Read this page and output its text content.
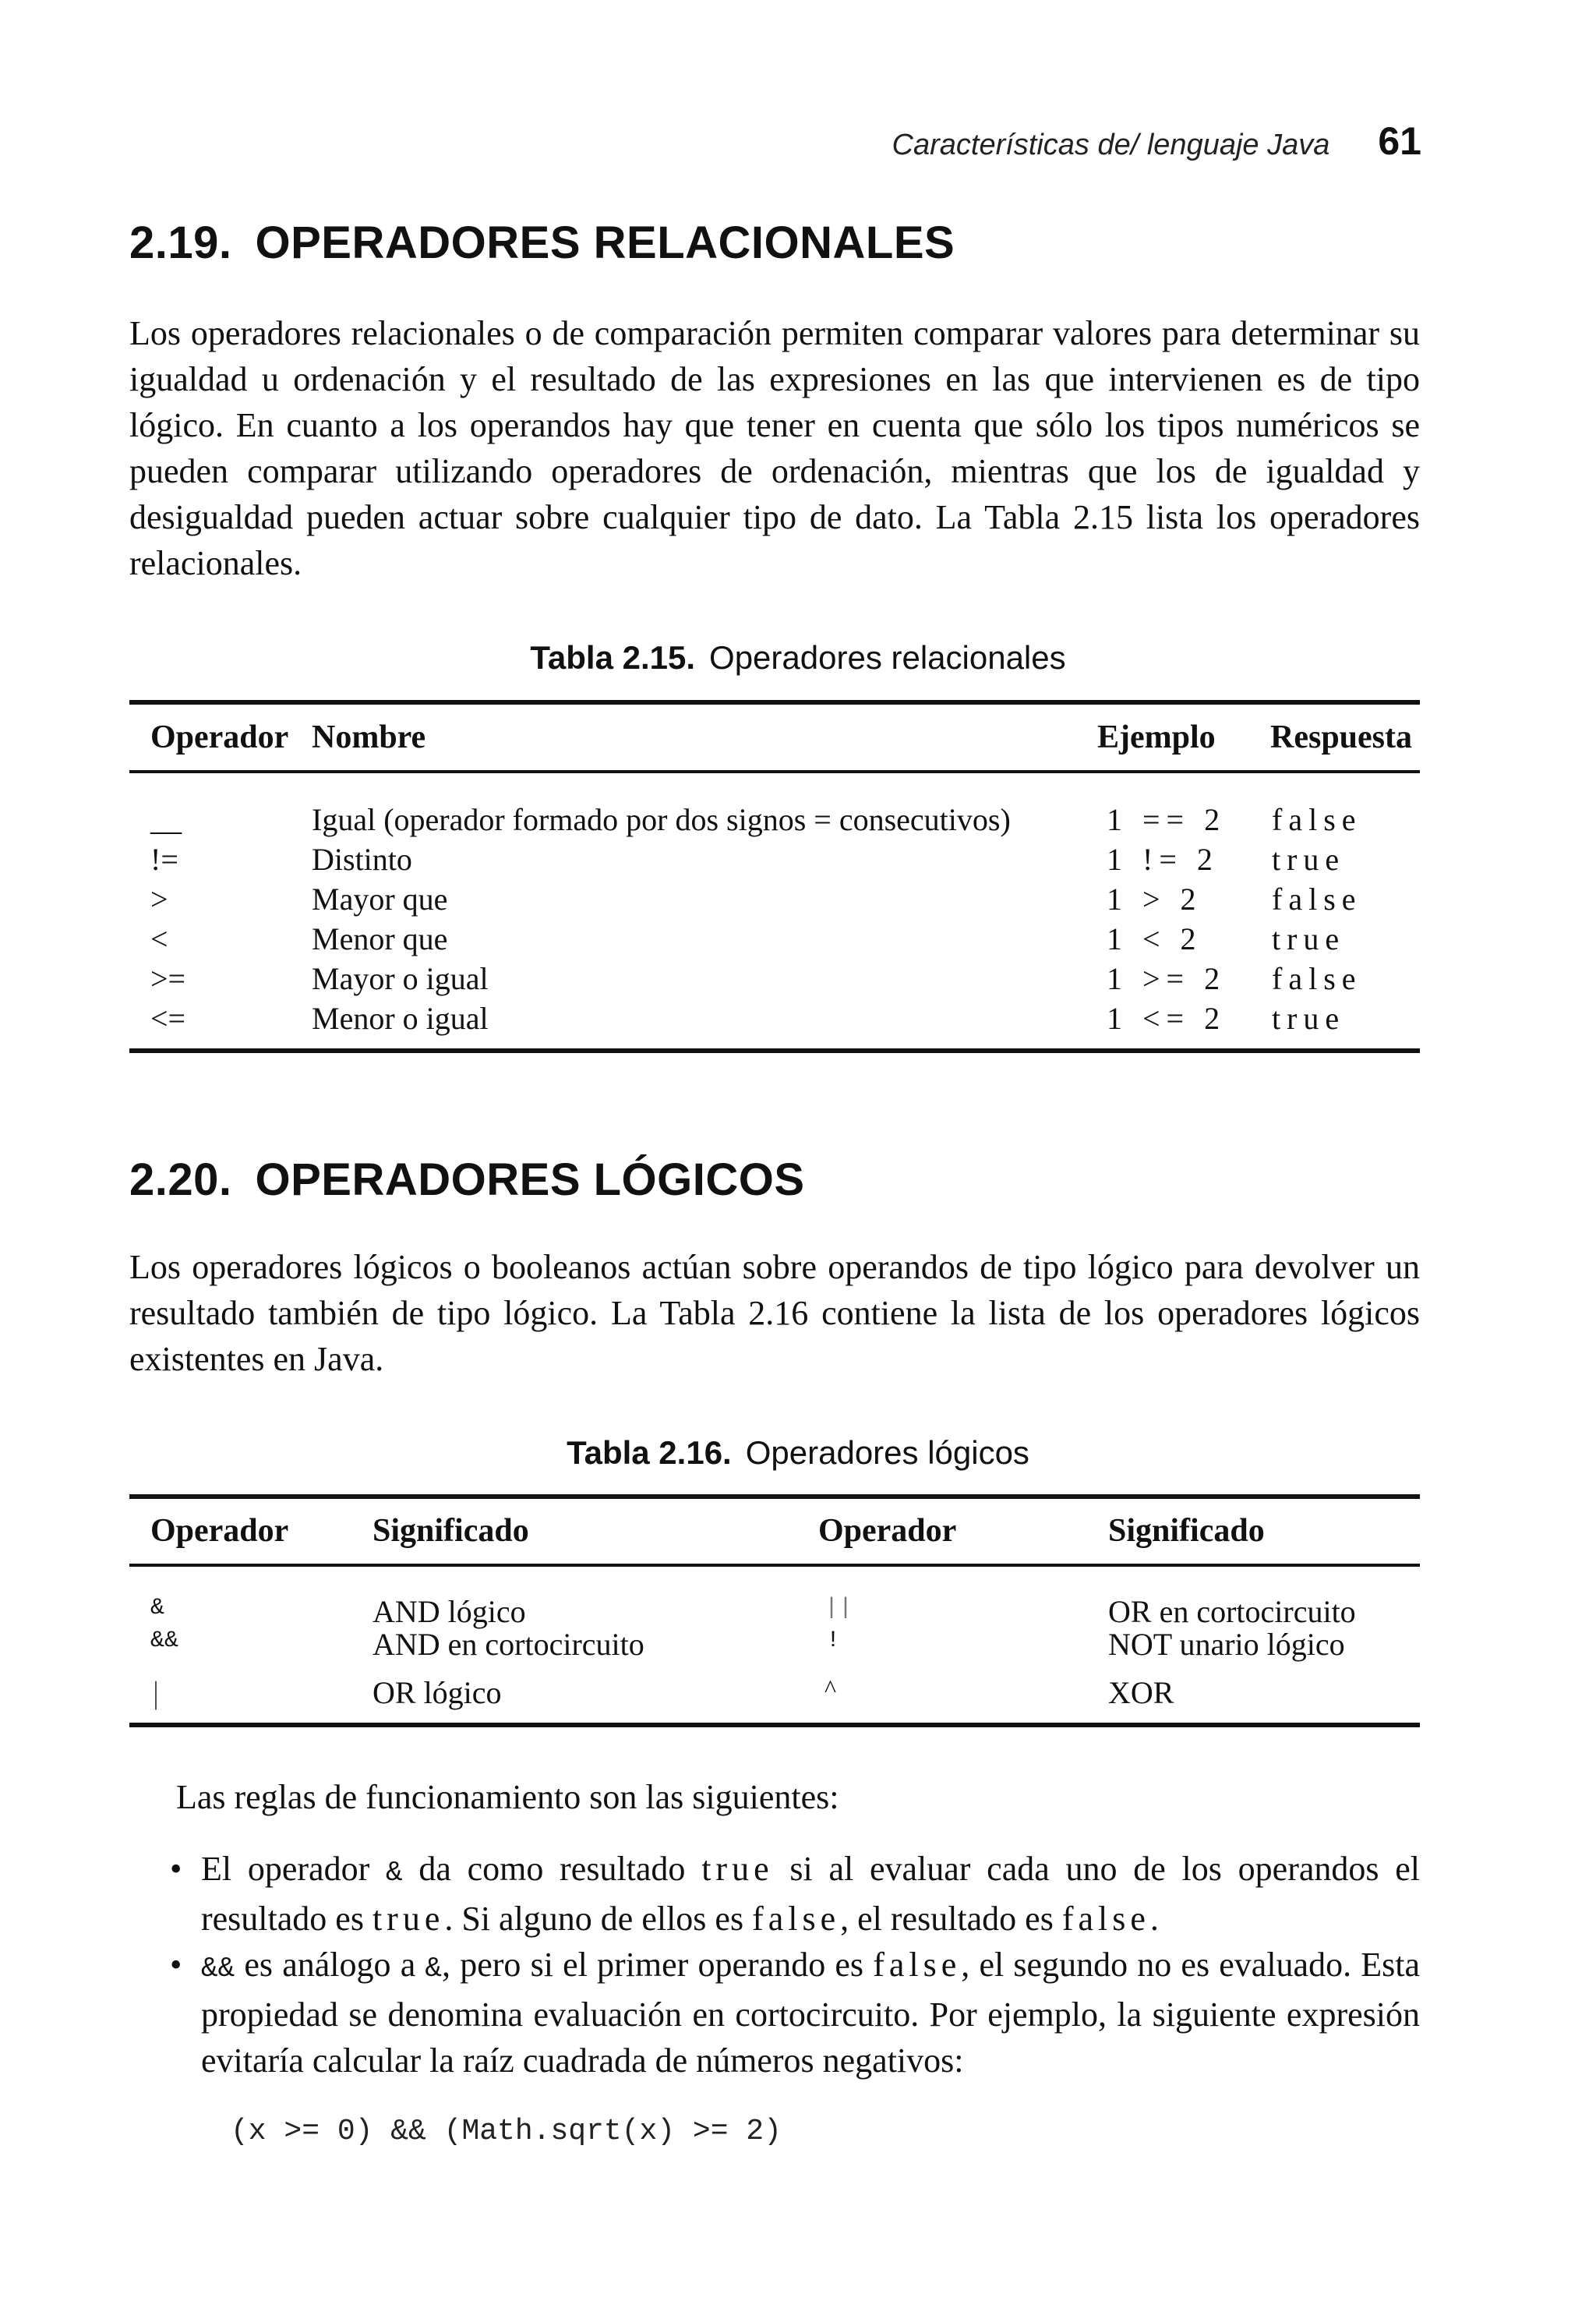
Características de/ lenguaje Java 61
2.19. OPERADORES RELACIONALES
Los operadores relacionales o de comparación permiten comparar valores para determinar su igualdad u ordenación y el resultado de las expresiones en las que intervienen es de tipo lógico. En cuanto a los operandos hay que tener en cuenta que sólo los tipos numéricos se pueden comparar utilizando operadores de ordenación, mientras que los de igualdad y desigualdad pueden actuar sobre cualquier tipo de dato. La Tabla 2.15 lista los operadores relacionales.
Tabla 2.15. Operadores relacionales
Operador Nombre	Ejemplo Respuesta
__	Igual (operador formado por dos signos = consecutivos)	1 == 2 false
!=	Distinto	1 != 2 true
>	Mayor que	1 > 2 false
<	Menor que	1 < 2 true
>=	Mayor o igual	1 >= 2 false
<=	Menor o igual	1 <= 2 true
2.20. OPERADORES LÓGICOS
Los operadores lógicos o booleanos actúan sobre operandos de tipo lógico para devolver un resultado también de tipo lógico. La Tabla 2.16 contiene la lista de los operadores lógicos existentes en Java.
Tabla 2.16. Operadores lógicos
Operador	Significado	Operador	Significado
&	AND lógico	||	OR en cortocircuito
&&	AND en cortocircuito	!	NOT unario lógico
|	OR lógico	^	XOR
Las reglas de funcionamiento son las siguientes:
• El operador & da como resultado true si al evaluar cada uno de los operandos el resultado es true. Si alguno de ellos es false, el resultado es false.
• && es análogo a &, pero si el primer operando es false, el segundo no es evaluado. Esta propiedad se denomina evaluación en cortocircuito. Por ejemplo, la siguiente expresión evitaría calcular la raíz cuadrada de números negativos:
(x >= 0) && (Math.sqrt(x) >= 2)
